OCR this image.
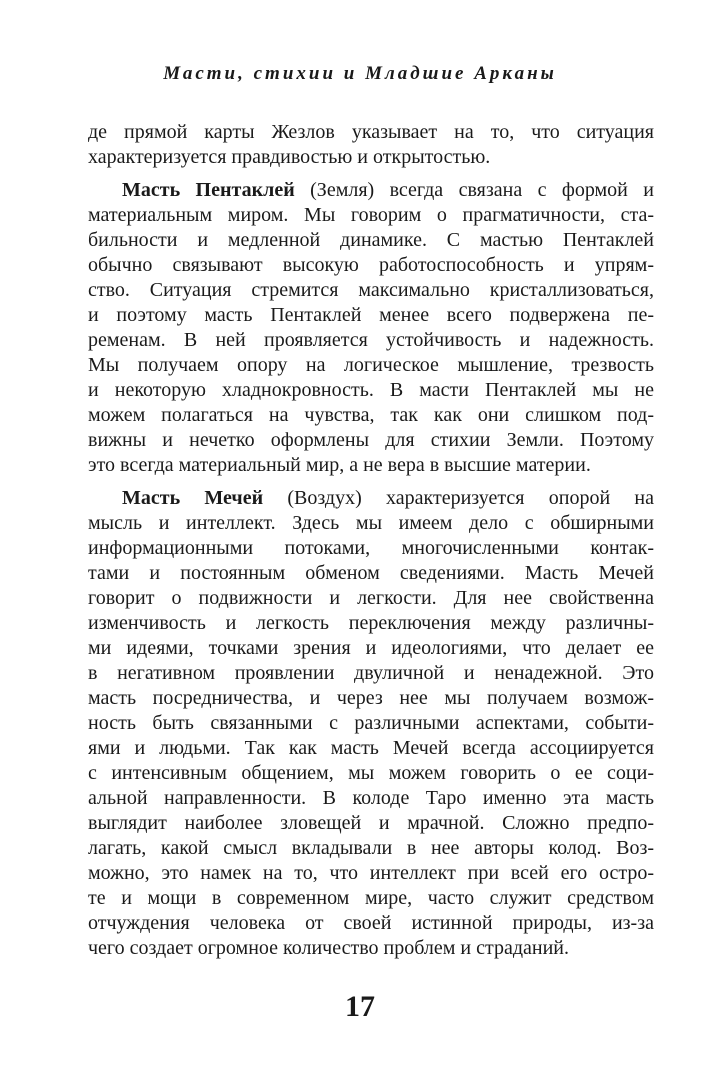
Масти, стихии и Младшие Арканы
де прямой карты Жезлов указывает на то, что ситуация
характеризуется правдивостью и открытостью.
Масть Пентаклей (Земля) всегда связана с формой и
материальным миром. Мы говорим о прагматичности, ста-
бильности и медленной динамике. С мастью Пентаклей
обычно связывают высокую работоспособность и упрям-
ство. Ситуация стремится максимально кристаллизоваться,
и поэтому масть Пентаклей менее всего подвержена пе-
ременам. В ней проявляется устойчивость и надежность.
Мы получаем опору на логическое мышление, трезвость
и некоторую хладнокровность. В масти Пентаклей мы не
можем полагаться на чувства, так как они слишком под-
вижны и нечетко оформлены для стихии Земли. Поэтому
это всегда материальный мир, а не вера в высшие материи.
Масть Мечей (Воздух) характеризуется опорой на
мысль и интеллект. Здесь мы имеем дело с обширными
информационными потоками, многочисленными контак-
тами и постоянным обменом сведениями. Масть Мечей
говорит о подвижности и легкости. Для нее свойственна
изменчивость и легкость переключения между различны-
ми идеями, точками зрения и идеологиями, что делает ее
в негативном проявлении двуличной и ненадежной. Это
масть посредничества, и через нее мы получаем возмож-
ность быть связанными с различными аспектами, событи-
ями и людьми. Так как масть Мечей всегда ассоциируется
с интенсивным общением, мы можем говорить о ее соци-
альной направленности. В колоде Таро именно эта масть
выглядит наиболее зловещей и мрачной. Сложно предпо-
лагать, какой смысл вкладывали в нее авторы колод. Воз-
можно, это намек на то, что интеллект при всей его остро-
те и мощи в современном мире, часто служит средством
отчуждения человека от своей истинной природы, из-за
чего создает огромное количество проблем и страданий.
17
